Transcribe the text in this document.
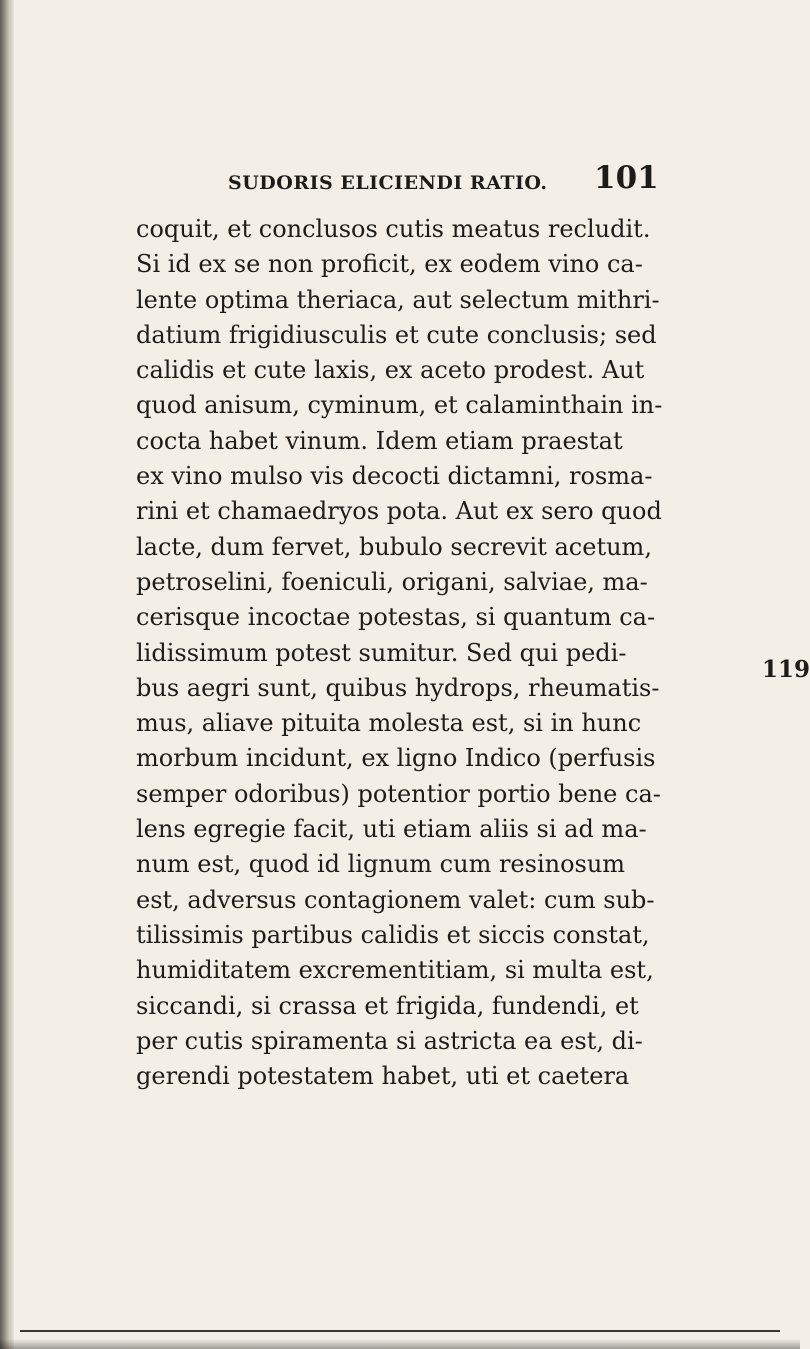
SUDORIS ELICIENDI RATIO. 101
coquit, et conclusos cutis meatus recludit.
Si id ex se non proficit, ex eodem vino ca-
lente optima theriaca, aut selectum mithri-
datium frigidiusculis et cute conclusis; sed
calidis et cute laxis, ex aceto prodest. Aut
quod anisum, cyminum, et calaminthain in-
cocta habet vinum. Idem etiam praestat
ex vino mulso vis decocti dictamni, rosma-
rini et chamaedryos pota. Aut ex sero quod
lacte, dum fervet, bubulo secrevit acetum,
petroselini, foeniculi, origani, salviae, ma-
cerisque incoctae potestas, si quantum ca-
lidissimum potest sumitur. Sed qui pedi-
bus aegri sunt, quibus hydrops, rheumatis-
mus, aliave pituita molesta est, si in hunc
morbum incidunt, ex ligno Indico (perfusis
semper odoribus) potentior portio bene ca-
lens egregie facit, uti etiam aliis si ad ma-
num est, quod id lignum cum resinosum
est, adversus contagionem valet: cum sub-
tilissimis partibus calidis et siccis constat,
humiditatem excrementitiam, si multa est,
siccandi, si crassa et frigida, fundendi, et
per cutis spiramenta si astricta ea est, di-
gerendi potestatem habet, uti et caetera
119
